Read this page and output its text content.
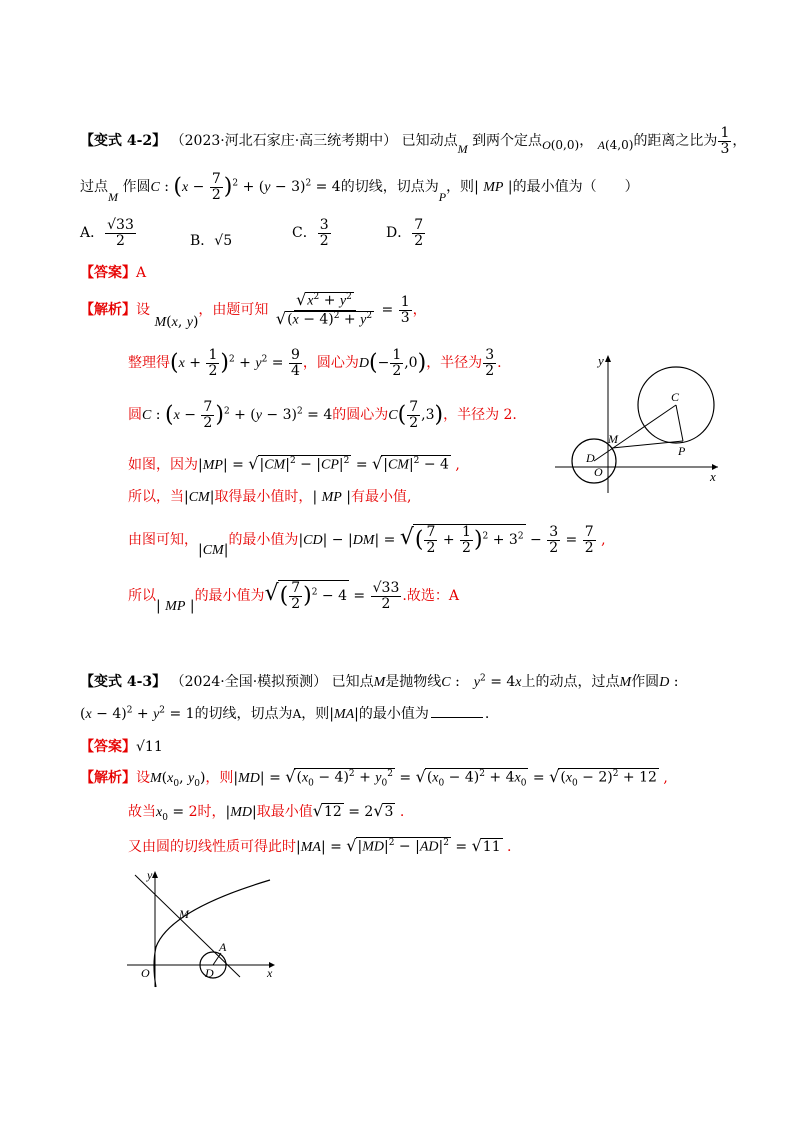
【变式 4-2】 （2023·河北石家庄·高三统考期中） 已知动点M 到两个定点O(0,0)， A(4,0)的距离之比为 $\frac{1}{3}$ ，
过点M 作圆C : $(x - \frac{7}{2} )^2 + (y - 3)^2 = 4$的切线，切点为P，则| MP |的最小值为（　　）
A． $\frac{√33}{2}$	B．√5	C． $\frac{3}{2}$	D． $\frac{7}{2}$
【答案】A
【解析】设 M(x, y)，由题可知 $\frac{√x^2 + y^2}{√(x - 4)^2 + y^2} = \frac{1}{3}$ ，
整理得$(x + \frac{1}{2} )^2 + y^2 = \frac{9}{4}$ ，圆心为$D(- \frac{1}{2} ,0)$，半径为 $\frac{3}{2}$ .
圆C : $(x - \frac{7}{2} )^2 + (y - 3)^2 = 4$的圆心为$C( \frac{7}{2} ,3)$，半径为 2.
如图，因为$|MP| = √|CM|^2 - |CP|^2 = √|CM|^2 - 4$ ,
所以，当|CM|取得最小值时，| MP |有最小值,
由图可知，|CM|的最小值为|CD| − |DM| = √( $\frac{7}{2} + \frac{1}{2} )^2 + 3^2 - \frac{3}{2} = \frac{7}{2}$ ,
所以| MP |的最小值为√( $\frac{7}{2} )^2 - 4 = \frac{√33}{2}$ .故选：A
y
x
C
M
D
O
P
【变式 4-3】 （2024·全国·模拟预测） 已知点M是抛物线C :　$y^2 = 4x$上的动点，过点M作圆D :
$(x - 4)^2 + y^2 = 1$的切线，切点为A，则|MA|的最小值为	.
【答案】√11
【解析】设$M(x_0$, $y_0$)，则$|MD| = √(x_0 - 4)^2 + y_0^2 = √(x_0 - 4)^2 + 4x_0 = √(x_0 - 2)^2 + 12$ ,
故当$x_0 = 2$时，|MD|取最小值√12 = 2√3 .
又由圆的切线性质可得此时$|MA| = √|MD|^2 - |AD|^2 = √11$ .
y
x
M
A
O	D
